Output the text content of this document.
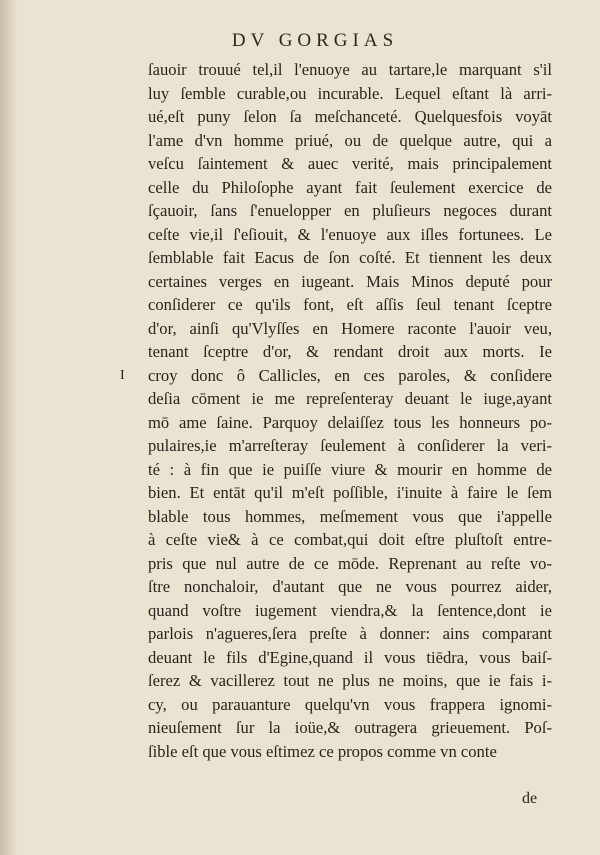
DV GORGIAS
ſauoir trouué tel,il l'enuoye au tartare,le marquant s'il
luy ſemble curable,ou incurable. Lequel eſtant là arri-
ué,eſt puny ſelon ſa meſchanceté. Quelquesfois voyāt
l'ame d'vn homme priué, ou de quelque autre, qui a
veſcu ſaintement & auec verité, mais principalement
celle du Philoſophe ayant fait ſeulement exercice de
ſçauoir, ſans ſ'enuelopper en pluſieurs negoces durant
ceſte vie,il ſ'eſiouit, & l'enuoye aux iſles fortunees. Le
ſemblable fait Eacus de ſon coſté. Et tiennent les deux
certaines verges en iugeant. Mais Minos deputé pour
conſiderer ce qu'ils font, eſt aſſis ſeul tenant ſceptre
d'or, ainſi qu'Vlyſſes en Homere raconte l'auoir veu,
tenant ſceptre d'or, & rendant droit aux morts. Ie
I	croy donc ô Callicles, en ces paroles, & conſidere
deſia cōment ie me repreſenteray deuant le iuge,ayant
mō ame ſaine. Parquoy delaiſſez tous les honneurs po-
pulaires,ie m'arreſteray ſeulement à conſiderer la veri-
té : à fin que ie puiſſe viure & mourir en homme de
bien. Et entāt qu'il m'eſt poſſible, i'inuite à faire le ſem
blable tous hommes, meſmement vous que i'appelle
à ceſte vie& à ce combat,qui doit eſtre pluſtoſt entre-
pris que nul autre de ce mōde. Reprenant au reſte vo-
ſtre nonchaloir, d'autant que ne vous pourrez aider,
quand voſtre iugement viendra,& la ſentence,dont ie
parlois n'agueres,ſera preſte à donner: ains comparant
deuant le fils d'Egine,quand il vous tiēdra, vous baiſ-
ſerez & vacillerez tout ne plus ne moins, que ie fais i-
cy, ou parauanture quelqu'vn vous frappera ignomi-
nieuſement ſur la ioüe,& outragera grieuement. Poſ-
ſible eſt que vous eſtimez ce propos comme vn conte
de
